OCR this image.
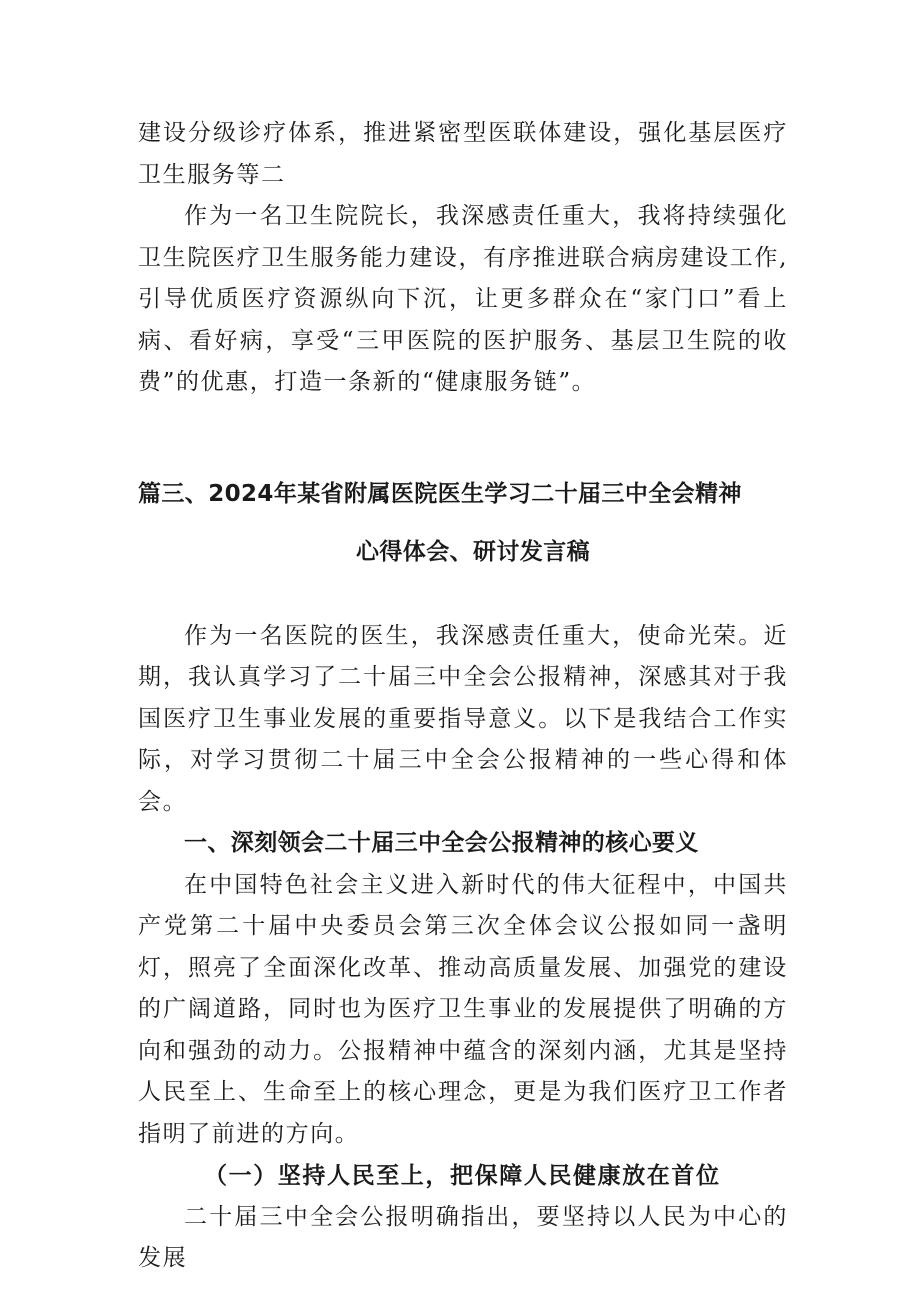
建设分级诊疗体系，推进紧密型医联体建设，强化基层医疗卫生服务等二

作为一名卫生院院长，我深感责任重大，我将持续强化卫生院医疗卫生服务能力建设，有序推进联合病房建设工作,引导优质医疗资源纵向下沉，让更多群众在“家门口”看上病、看好病，享受“三甲医院的医护服务、基层卫生院的收费”的优惠，打造一条新的“健康服务链”。

篇三、2024年某省附属医院医生学习二十届三中全会精神
心得体会、研讨发言稿

作为一名医院的医生，我深感责任重大，使命光荣。近期，我认真学习了二十届三中全会公报精神，深感其对于我国医疗卫生事业发展的重要指导意义。以下是我结合工作实际，对学习贯彻二十届三中全会公报精神的一些心得和体会。

一、深刻领会二十届三中全会公报精神的核心要义

在中国特色社会主义进入新时代的伟大征程中，中国共产党第二十届中央委员会第三次全体会议公报如同一盏明灯，照亮了全面深化改革、推动高质量发展、加强党的建设的广阔道路，同时也为医疗卫生事业的发展提供了明确的方向和强劲的动力。公报精神中蕴含的深刻内涵，尤其是坚持人民至上、生命至上的核心理念，更是为我们医疗卫工作者指明了前进的方向。

（一）坚持人民至上，把保障人民健康放在首位

二十届三中全会公报明确指出，要坚持以人民为中心的发展
